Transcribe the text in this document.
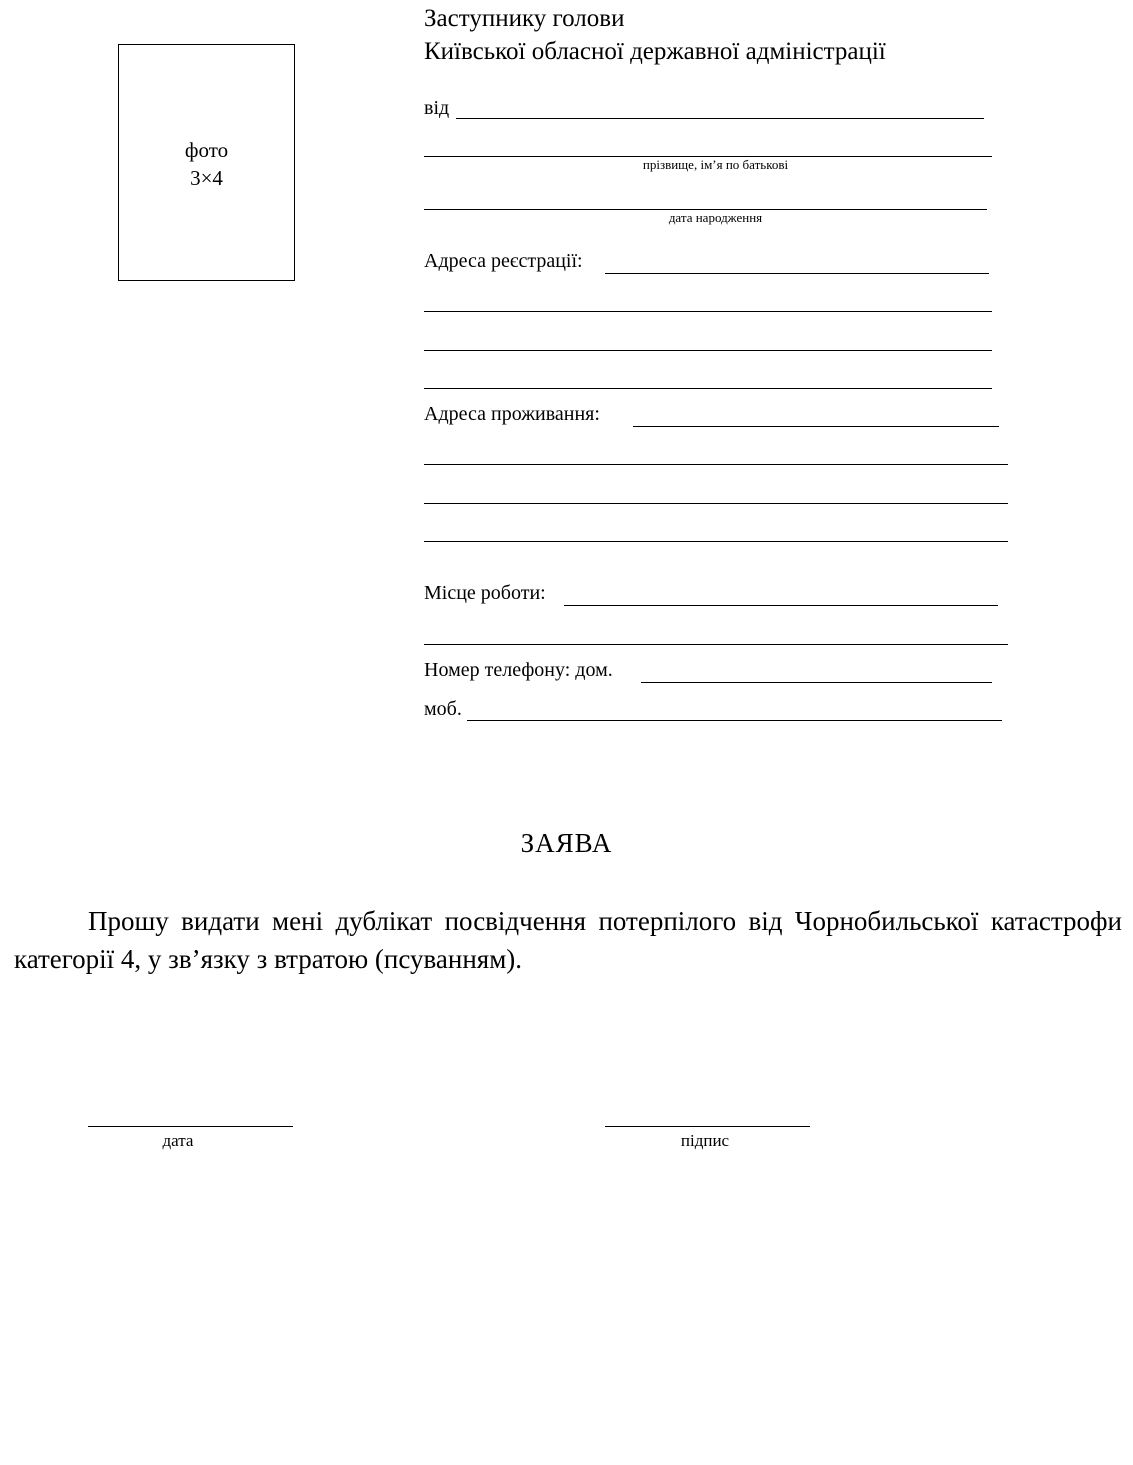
фото
3×4
Заступнику голови
Київської обласної державної адміністрації
від
прізвище, ім’я по батькові
дата народження
Адреса реєстрації:
Адреса проживання:
Місце роботи:
Номер телефону: дом.
моб.
ЗАЯВА
Прошу видати мені дублікат посвідчення потерпілого від Чорнобильської катастрофи категорії 4, у зв’язку з втратою (псуванням).
дата	підпис
